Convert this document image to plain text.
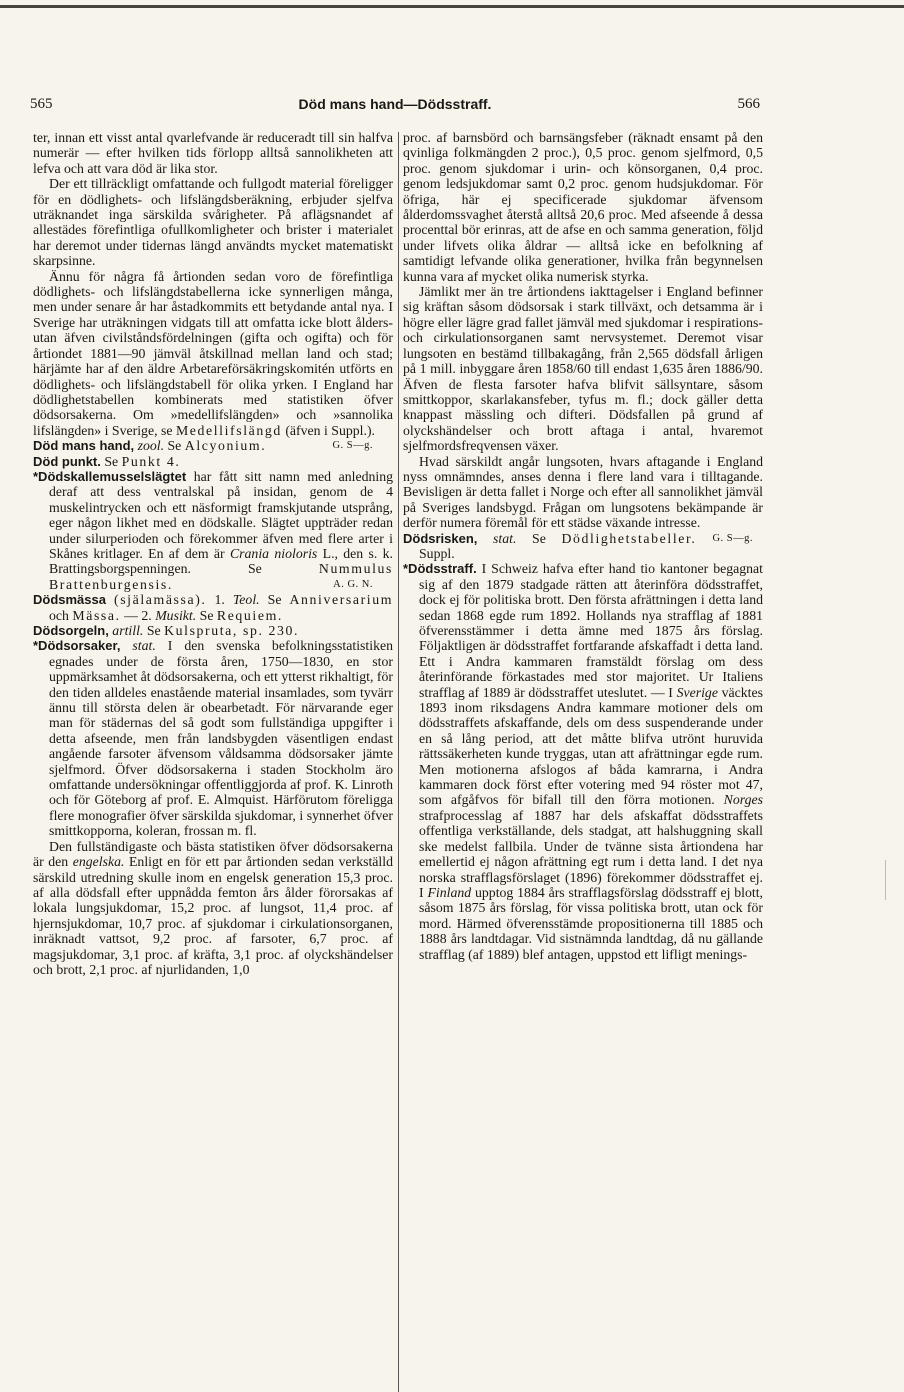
565	Död mans hand—Dödsstraff.	566

ter, innan ett visst antal qvarlefvande är reduceradt till sin halfva numerär — efter hvilken tids förlopp alltså sannolikheten att lefva och att vara död är lika stor.

Der ett tillräckligt omfattande och fullgodt material föreligger för en dödlighets- och lifslängdsberäkning, erbjuder sjelfva uträknandet inga särskilda svårigheter. På aflägsnandet af allestädes förefintliga ofullkomligheter och brister i materialet har deremot under tidernas längd användts mycket matematiskt skarpsinne.

Ännu för några få årtionden sedan voro de förefintliga dödlighets- och lifslängdstabellerna icke synnerligen många, men under senare år har åstadkommits ett betydande antal nya. I Sverige har uträkningen vidgats till att omfatta icke blott ålders- utan äfven civilståndsfördelningen (gifta och ogifta) och för årtiondet 1881—90 jämväl åtskillnad mellan land och stad; härjämte har af den äldre Arbetareförsäkringskomitén utförts en dödlighets- och lifslängdstabell för olika yrken. I England har dödlighetstabellen kombinerats med statistiken öfver dödsorsakerna. Om »medellifslängden» och »sannolika lifslängden» i Sverige, se Medellifslängd (äfven i Suppl.).
G. S—g.

Död mans hand, zool. Se Alcyonium.

Död punkt. Se Punkt 4.

*Dödskallemusselslägtet har fått sitt namn med anledning deraf att dess ventralskal på insidan, genom de 4 muskelintrycken och ett näsformigt framskjutande utsprång, eger någon likhet med en dödskalle. Slägtet uppträder redan under silurperioden och förekommer äfven med flere arter i Skånes kritlager. En af dem är Crania nioloris L., den s. k. Brattingsborgspenningen. Se	Nummulus Brattenburgensis.	A. G. N.

Dödsmässa (själamässa). 1. Teol. Se Anniversarium och Mässa. — 2. Musikt. Se Requiem.

Dödsorgeln, artill. Se Kulspruta, sp. 230.

*Dödsorsaker, stat. I den svenska befolkningsstatistiken egnades under de första åren, 1750—1830, en stor uppmärksamhet åt dödsorsakerna, och ett ytterst rikhaltigt, för den tiden alldeles enastående material insamlades, som tyvärr ännu till största delen är obearbetadt. För närvarande eger man för städernas del så godt som fullständiga uppgifter i detta afseende, men från landsbygden väsentligen endast angående farsoter äfvensom våldsamma dödsorsaker jämte sjelfmord. Öfver dödsorsakerna i staden Stockholm äro omfattande undersökningar offentliggjorda af prof. K. Linroth och för Göteborg af prof. E. Almquist. Härförutom föreligga flere monografier öfver särskilda sjukdomar, i synnerhet öfver smittkopporna, koleran, frossan m. fl.

Den fullständigaste och bästa statistiken öfver dödsorsakerna är den engelska. Enligt en för ett par årtionden sedan verkställd särskild utredning skulle inom en engelsk generation 15,3 proc. af alla dödsfall efter uppnådda femton års ålder förorsakas af lokala lungsjukdomar, 15,2 proc. af lungsot, 11,4 proc. af hjernsjukdomar, 10,7 proc. af sjukdomar i cirkulationsorganen, inräknadt vattsot, 9,2 proc. af farsoter, 6,7 proc. af magsjukdomar, 3,1 proc. af kräfta, 3,1 proc. af olyckshändelser och brott, 2,1 proc. af njurlidanden, 1,0

proc. af barnsbörd och barnsängsfeber (räknadt ensamt på den qvinliga folkmängden 2 proc.), 0,5 proc. genom sjelfmord, 0,5 proc. genom sjukdomar i urin- och könsorganen, 0,4 proc. genom ledsjukdomar samt 0,2 proc. genom hudsjukdomar. För öfriga, här ej specificerade sjukdomar äfvensom ålderdomssvaghet återstå alltså 20,6 proc. Med afseende å dessa procenttal bör erinras, att de afse en och samma generation, följd under lifvets olika åldrar — alltså icke en befolkning af samtidigt lefvande olika generationer, hvilka från begynnelsen kunna vara af mycket olika numerisk styrka.

Jämlikt mer än tre årtiondens iakttagelser i England befinner sig kräftan såsom dödsorsak i stark tillväxt, och detsamma är i högre eller lägre grad fallet jämväl med sjukdomar i respirations- och cirkulationsorganen samt nervsystemet. Deremot visar lungsoten en bestämd tillbakagång, från 2,565 dödsfall årligen på 1 mill. inbyggare åren 1858/60 till endast 1,635 åren 1886/90. Äfven de flesta farsoter hafva blifvit sällsyntare, såsom smittkoppor, skarlakansfeber, tyfus m. fl.; dock gäller detta knappast mässling och difteri. Dödsfallen på grund af olyckshändelser och brott aftaga i antal, hvaremot sjelfmordsfreqvensen växer.

Hvad särskildt angår lungsoten, hvars aftagande i England nyss omnämndes, anses denna i flere land vara i tilltagande. Bevisligen är detta fallet i Norge och efter all sannolikhet jämväl på Sveriges landsbygd. Frågan om lungsotens bekämpande är derför numera föremål för ett städse växande intresse.
G. S—g.

Dödsrisken, stat. Se Dödlighetstabeller. Suppl.

*Dödsstraff. I Schweiz hafva efter hand tio kantoner begagnat sig af den 1879 stadgade rätten att återinföra dödsstraffet, dock ej för politiska brott. Den första afrättningen i detta land sedan 1868 egde rum 1892. Hollands nya strafflag af 1881 öfverensstämmer i detta ämne med 1875 års förslag. Följaktligen är dödsstraffet fortfarande afskaffadt i detta land. Ett i Andra kammaren framstäldt förslag om dess återinförande förkastades med stor majoritet. Ur Italiens strafflag af 1889 är dödsstraffet uteslutet. — I Sverige väcktes 1893 inom riksdagens Andra kammare motioner dels om dödsstraffets afskaffande, dels om dess suspenderande under en så lång period, att det måtte blifva utrönt huruvida rättssäkerheten kunde tryggas, utan att afrättningar egde rum. Men motionerna afslogos af båda kamrarna, i Andra kammaren dock först efter votering med 94 röster mot 47, som afgåfvos för bifall till den förra motionen. Norges strafprocesslag af 1887 har dels afskaffat dödsstraffets offentliga verkställande, dels stadgat, att halshuggning skall ske medelst fallbila. Under de tvänne sista årtiondena har emellertid ej någon afrättning egt rum i detta land. I det nya norska strafflagsförslaget (1896) förekommer dödsstraffet ej. I Finland upptog 1884 års strafflagsförslag dödsstraff ej blott, såsom 1875 års förslag, för vissa politiska brott, utan ock för mord. Härmed öfverensstämde propositionerna till 1885 och 1888 års landtdagar. Vid sistnämnda landtdag, då nu gällande strafflag (af 1889) blef antagen, uppstod ett lifligt menings-
